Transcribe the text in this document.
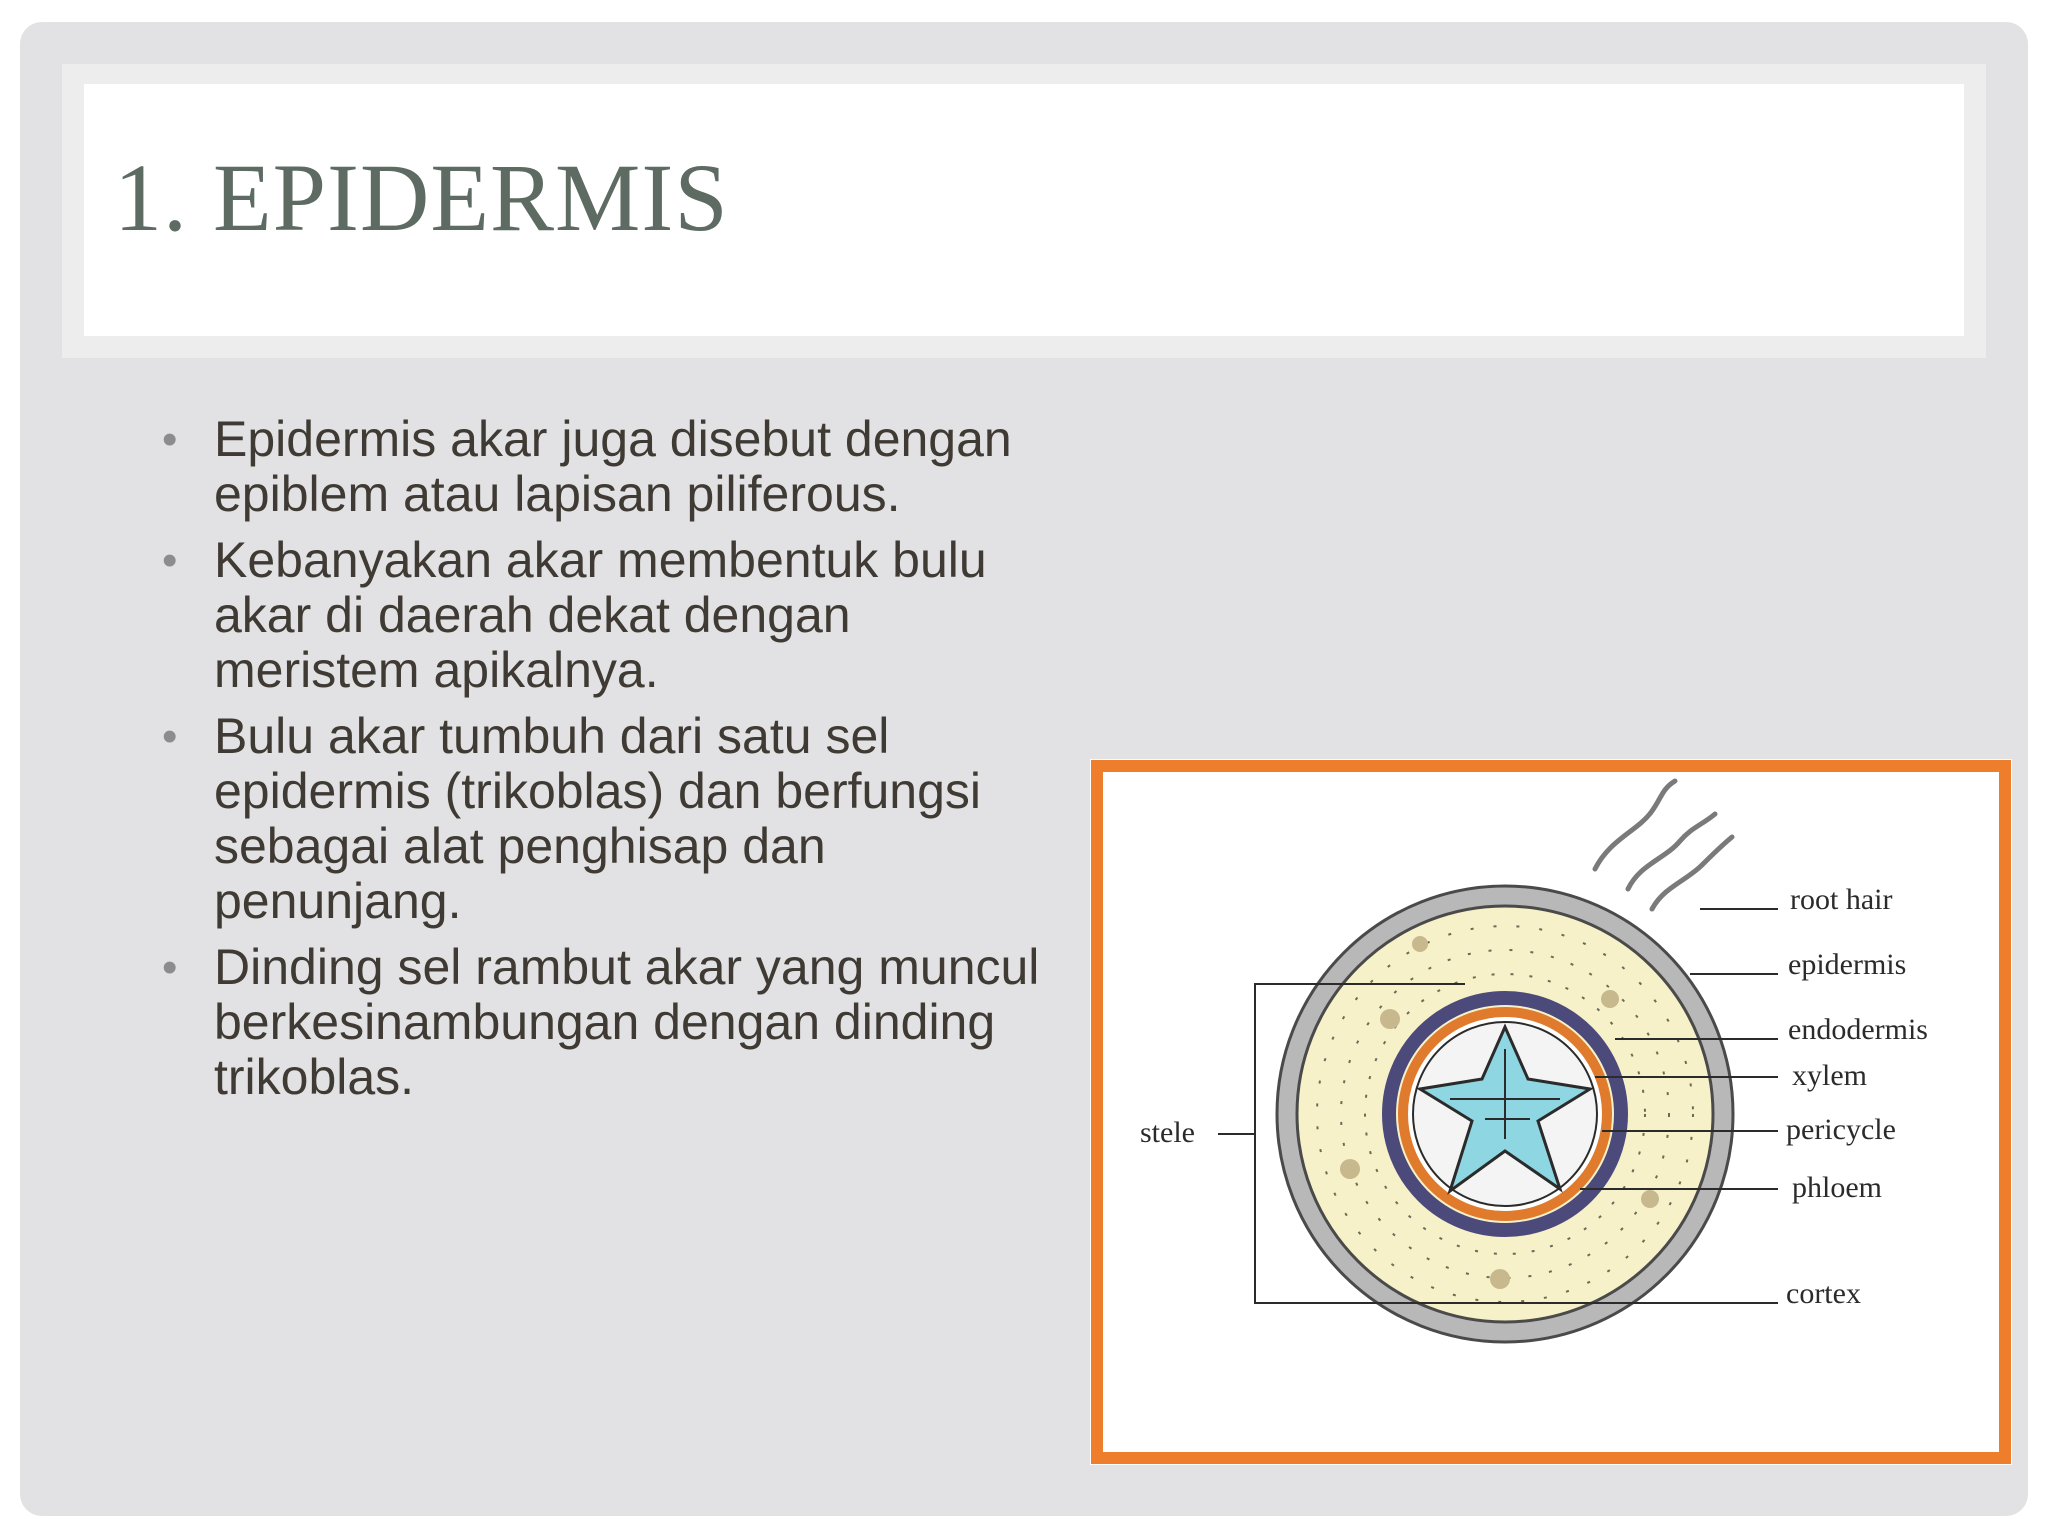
1. EPIDERMIS
• Epidermis akar juga disebut dengan epiblem atau lapisan piliferous.
• Kebanyakan akar membentuk bulu akar di daerah dekat dengan meristem apikalnya.
• Bulu akar tumbuh dari satu sel epidermis (trikoblas) dan berfungsi sebagai alat penghisap dan penunjang.
• Dinding sel rambut akar yang muncul berkesinambungan dengan dinding trikoblas.
stele
root hair
epidermis
endodermis
xylem
pericycle
phloem
cortex
